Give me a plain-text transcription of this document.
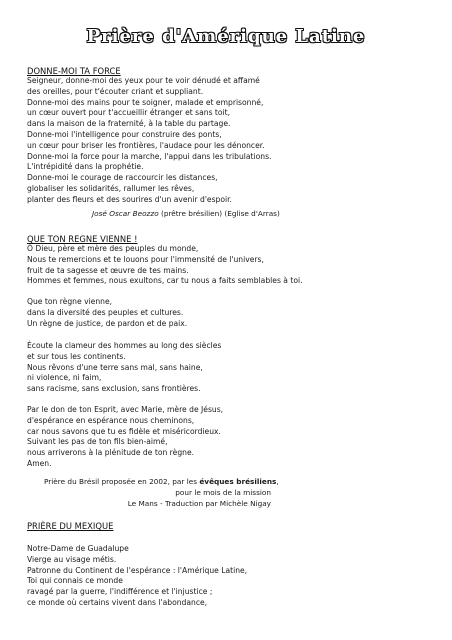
Prière d'Amérique Latine
DONNE-MOI TA FORCE
Seigneur, donne-moi des yeux pour te voir dénudé et affamé
des oreilles, pour t'écouter criant et suppliant.
Donne-moi des mains pour te soigner, malade et emprisonné,
un cœur ouvert pour t'accueillir étranger et sans toit,
dans la maison de la fraternité, à la table du partage.
Donne-moi l'intelligence pour construire des ponts,
un cœur pour briser les frontières, l'audace pour les dénoncer.
Donne-moi la force pour la marche, l'appui dans les tribulations.
L'intrépidité dans la prophétie.
Donne-moi le courage de raccourcir les distances,
globaliser les solidarités, rallumer les rêves,
planter des fleurs et des sourires d'un avenir d'espoir.
José Oscar Beozzo (prêtre brésilien) (Eglise d'Arras)
QUE TON REGNE VIENNE !
Ô Dieu, père et mère des peuples du monde,
Nous te remercions et te louons pour l'immensité de l'univers,
fruit de ta sagesse et œuvre de tes mains.
Hommes et femmes, nous exultons, car tu nous a faits semblables à toi.
Que ton règne vienne,
dans la diversité des peuples et cultures.
Un règne de justice, de pardon et de paix.
Écoute la clameur des hommes au long des siècles
et sur tous les continents.
Nous rêvons d'une terre sans mal, sans haine,
ni violence, ni faim,
sans racisme, sans exclusion, sans frontières.
Par le don de ton Esprit, avec Marie, mère de Jésus,
d'espérance en espérance nous cheminons,
car nous savons que tu es fidèle et miséricordieux.
Suivant les pas de ton fils bien-aimé,
nous arriverons à la plénitude de ton règne.
Amen.
Prière du Brésil proposée en 2002, par les évêques brésiliens,
pour le mois de la mission
Le Mans - Traduction par Michèle Nigay
PRIÈRE DU MEXIQUE
Notre-Dame de Guadalupe
Vierge au visage métis.
Patronne du Continent de l'espérance : l'Amérique Latine,
Toi qui connais ce monde
ravagé par la guerre, l'indifférence et l'injustice ;
ce monde où certains vivent dans l'abondance,
